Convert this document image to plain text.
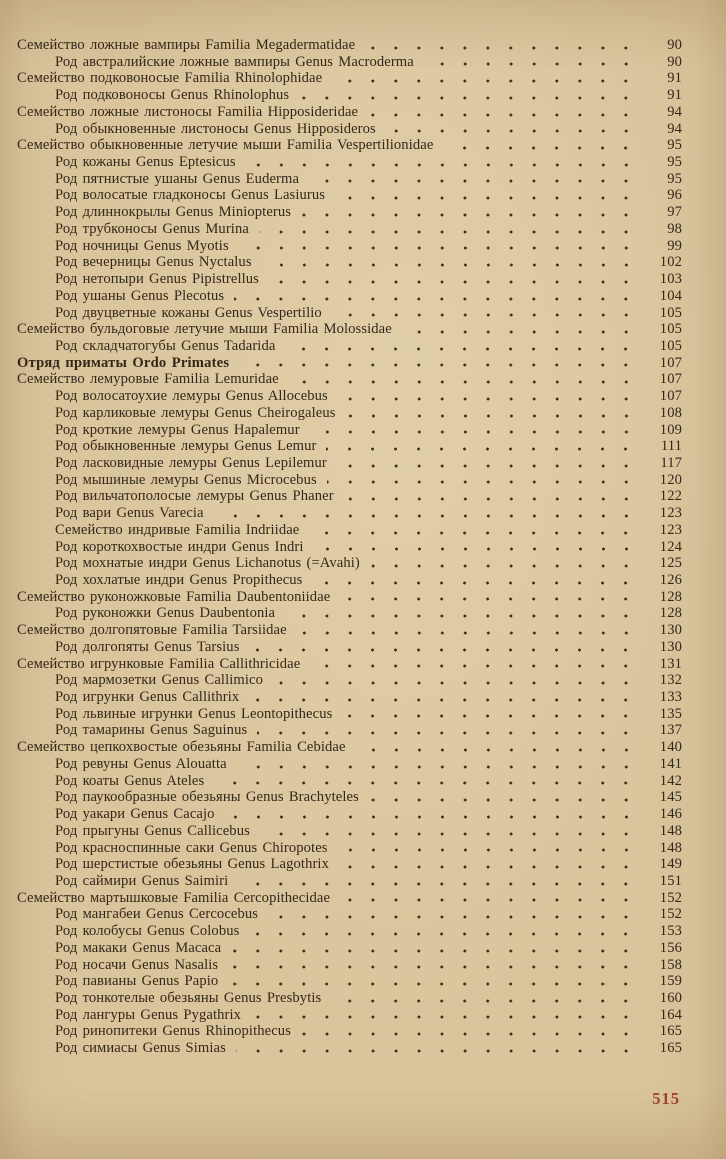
Семейство ложные вампиры Familia Megadermatidae	90
Род австралийские ложные вампиры Genus Macroderma	90
Семейство подковоносые Familia Rhinolophidae	91
Род подковоносы Genus Rhinolophus	91
Семейство ложные листоносы Familia Hipposideridae	94
Род обыкновенные листоносы Genus Hipposideros	94
Семейство обыкновенные летучие мыши Familia Vespertilionidae	95
Род кожаны Genus Eptesicus	95
Род пятнистые ушаны Genus Euderma	95
Род волосатые гладконосы Genus Lasiurus	96
Род длиннокрылы Genus Miniopterus	97
Род трубконосы Genus Murina	98
Род ночницы Genus Myotis	99
Род вечерницы Genus Nyctalus	102
Род нетопыри Genus Pipistrellus	103
Род ушаны Genus Plecotus	104
Род двуцветные кожаны Genus Vespertilio	105
Семейство бульдоговые летучие мыши Familia Molossidae	105
Род складчатогубы Genus Tadarida	105
Отряд приматы Ordo Primates	107
Семейство лемуровые Familia Lemuridae	107
Род волосатоухие лемуры Genus Allocebus	107
Род карликовые лемуры Genus Cheirogaleus	108
Род кроткие лемуры Genus Hapalemur	109
Род обыкновенные лемуры Genus Lemur	111
Род ласковидные лемуры Genus Lepilemur	117
Род мышиные лемуры Genus Microcebus	120
Род вильчатополосые лемуры Genus Phaner	122
Род вари Genus Varecia	123
Семейство индривые Familia Indriidae	123
Род короткохвостые индри Genus Indri	124
Род мохнатые индри Genus Lichanotus (=Avahi)	125
Род хохлатые индри Genus Propithecus	126
Семейство руконожковые Familia Daubentoniidae	128
Род руконожки Genus Daubentonia	128
Семейство долгопятовые Familia Tarsiidae	130
Род долгопяты Genus Tarsius	130
Семейство игрунковые Familia Callithricidae	131
Род мармозетки Genus Callimico	132
Род игрунки Genus Callithrix	133
Род львиные игрунки Genus Leontopithecus	135
Род тамарины Genus Saguinus	137
Семейство цепкохвостые обезьяны Familia Cebidae	140
Род ревуны Genus Alouatta	141
Род коаты Genus Ateles	142
Род паукообразные обезьяны Genus Brachyteles	145
Род уакари Genus Cacajo	146
Род прыгуны Genus Callicebus	148
Род красноспинные саки Genus Chiropotes	148
Род шерстистые обезьяны Genus Lagothrix	149
Род саймири Genus Saimiri	151
Семейство мартышковые Familia Cercopithecidae	152
Род мангабеи Genus Cercocebus	152
Род колобусы Genus Colobus	153
Род макаки Genus Macaca	156
Род носачи Genus Nasalis	158
Род павианы Genus Papio	159
Род тонкотелые обезьяны Genus Presbytis	160
Род лангуры Genus Pygathrix	164
Род ринопитеки Genus Rhinopithecus	165
Род симиасы Genus Simias	165
515
